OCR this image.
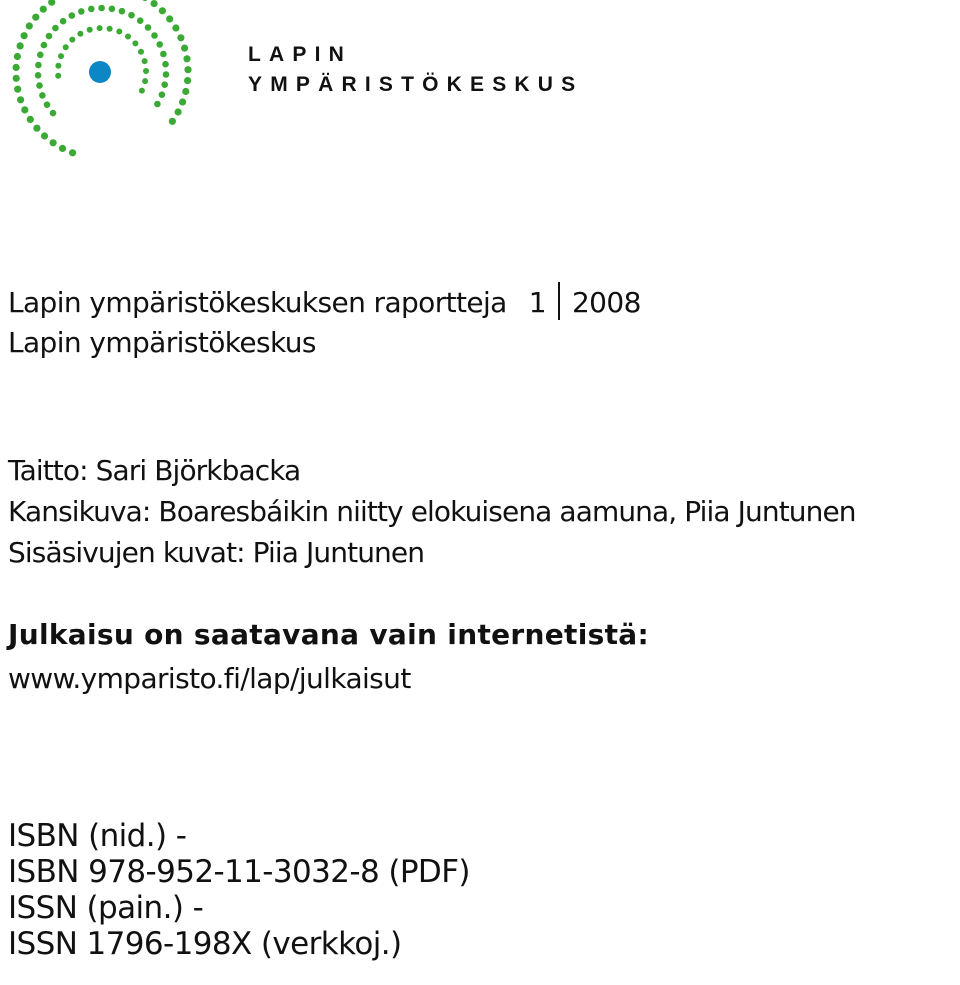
LAPIN
YMPÄRISTÖKESKUS
Lapin ympäristökeskuksen raportteja 1 2008
Lapin ympäristökeskus
Taitto: Sari Björkbacka
Kansikuva: Boaresbáikin niitty elokuisena aamuna, Piia Juntunen
Sisäsivujen kuvat: Piia Juntunen
Julkaisu on saatavana vain internetistä:
www.ymparisto.fi/lap/julkaisut
ISBN (nid.) -
ISBN 978-952-11-3032-8 (PDF)
ISSN (pain.) -
ISSN 1796-198X (verkkoj.)
